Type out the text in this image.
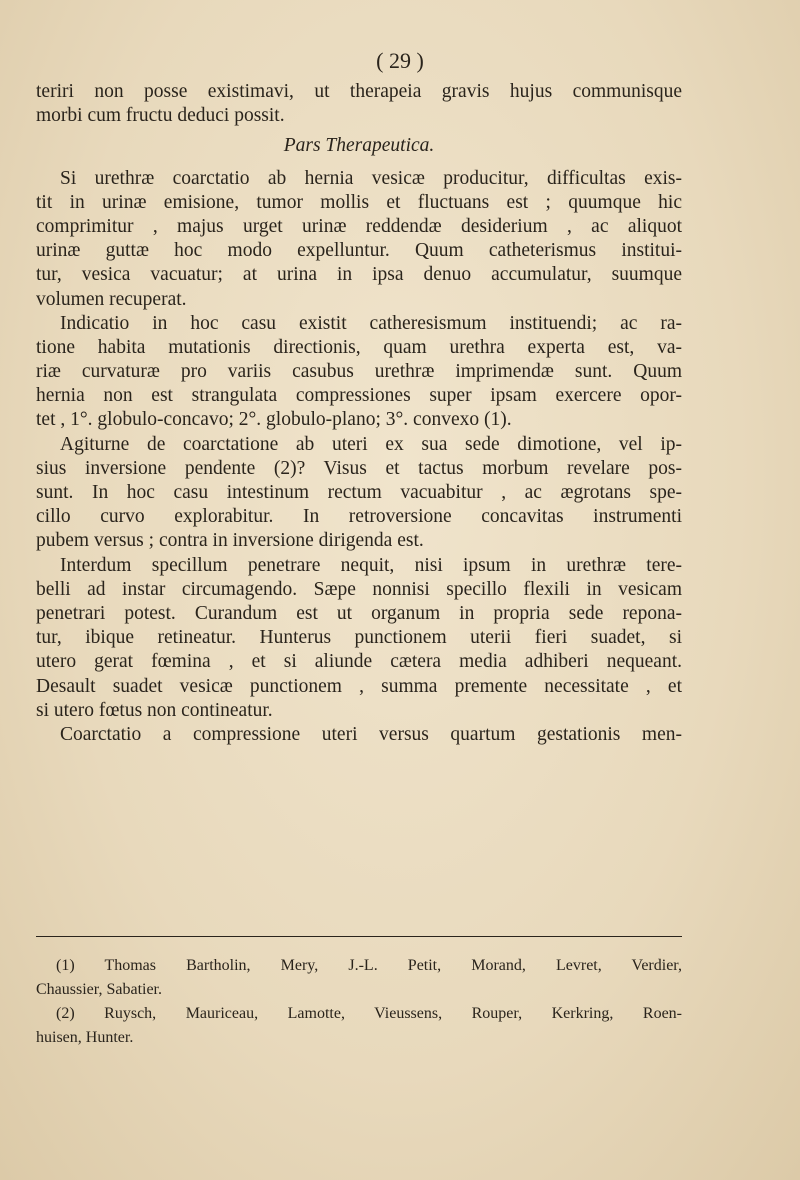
( 29 )
teriri non posse existimavi, ut therapeia gravis hujus communisque
morbi cum fructu deduci possit.
Pars Therapeutica.
Si urethræ coarctatio ab hernia vesicæ producitur, difficultas exis-
tit in urinæ emisione, tumor mollis et fluctuans est ; quumque hic
comprimitur , majus urget urinæ reddendæ desiderium , ac aliquot
urinæ guttæ hoc modo expelluntur. Quum catheterismus institui-
tur, vesica vacuatur; at urina in ipsa denuo accumulatur, suumque
volumen recuperat.
Indicatio in hoc casu existit catheresismum instituendi; ac ra-
tione habita mutationis directionis, quam urethra experta est, va-
riæ curvaturæ pro variis casubus urethræ imprimendæ sunt. Quum
hernia non est strangulata compressiones super ipsam exercere opor-
tet , 1°. globulo-concavo; 2°. globulo-plano; 3°. convexo (1).
Agiturne de coarctatione ab uteri ex sua sede dimotione, vel ip-
sius inversione pendente (2)? Visus et tactus morbum revelare pos-
sunt. In hoc casu intestinum rectum vacuabitur , ac ægrotans spe-
cillo curvo explorabitur. In retroversione concavitas instrumenti
pubem versus ; contra in inversione dirigenda est.
Interdum specillum penetrare nequit, nisi ipsum in urethræ tere-
belli ad instar circumagendo. Sæpe nonnisi specillo flexili in vesicam
penetrari potest. Curandum est ut organum in propria sede repona-
tur, ibique retineatur. Hunterus punctionem uterii fieri suadet, si
utero gerat fœmina , et si aliunde cætera media adhiberi nequeant.
Desault suadet vesicæ punctionem , summa premente necessitate , et
si utero fœtus non contineatur.
Coarctatio a compressione uteri versus quartum gestationis men-
(1) Thomas Bartholin, Mery, J.-L. Petit, Morand, Levret, Verdier,
Chaussier, Sabatier.
(2) Ruysch, Mauriceau, Lamotte, Vieussens, Rouper, Kerkring, Roen-
huisen, Hunter.
